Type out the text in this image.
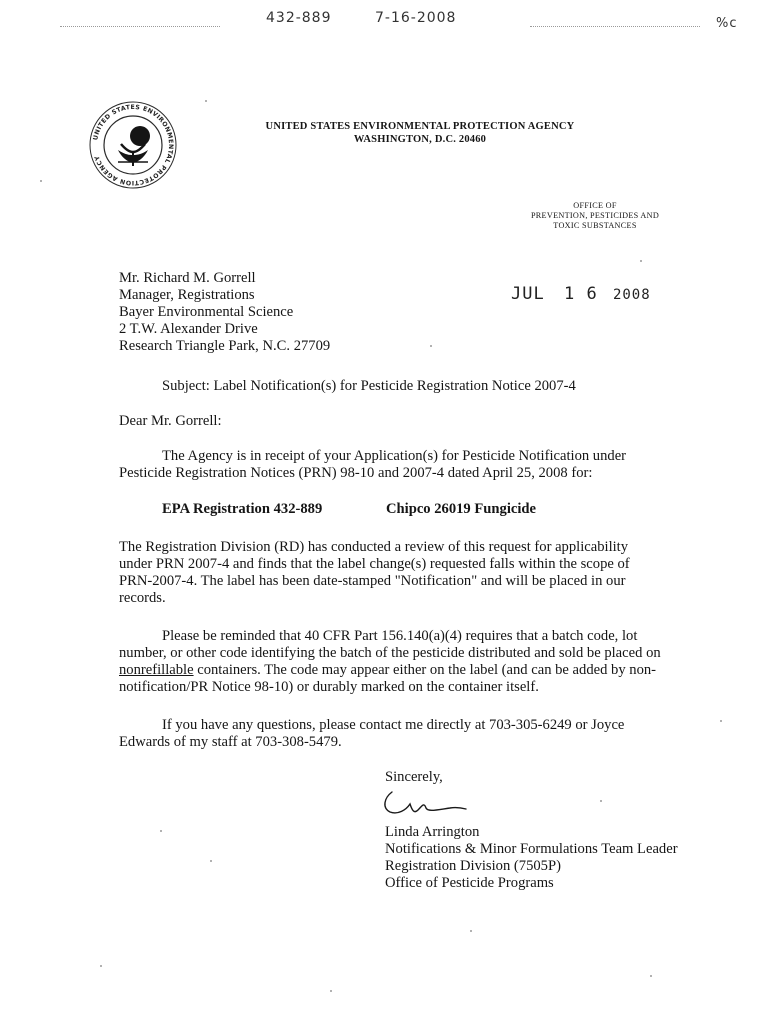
432-889	7-16-2008	%c
UNITED STATES ENVIRONMENTAL PROTECTION AGENCY
UNITED STATES ENVIRONMENTAL PROTECTION AGENCY
WASHINGTON, D.C. 20460
OFFICE OF
PREVENTION, PESTICIDES AND
TOXIC SUBSTANCES
Mr. Richard M. Gorrell
Manager, Registrations
Bayer Environmental Science
2 T.W. Alexander Drive
Research Triangle Park, N.C. 27709
JUL 1 6 2008
Subject: Label Notification(s) for Pesticide Registration Notice 2007-4
Dear Mr. Gorrell:
The Agency is in receipt of your Application(s) for Pesticide Notification under
Pesticide Registration Notices (PRN) 98-10 and 2007-4 dated April 25, 2008 for:
EPA Registration 432-889	Chipco 26019 Fungicide
The Registration Division (RD) has conducted a review of this request for applicability
under PRN 2007-4 and finds that the label change(s) requested falls within the scope of
PRN-2007-4. The label has been date-stamped "Notification" and will be placed in our
records.
Please be reminded that 40 CFR Part 156.140(a)(4) requires that a batch code, lot
number, or other code identifying the batch of the pesticide distributed and sold be placed on
nonrefillable containers. The code may appear either on the label (and can be added by non-
notification/PR Notice 98-10) or durably marked on the container itself.
If you have any questions, please contact me directly at 703-305-6249 or Joyce
Edwards of my staff at 703-308-5479.
Sincerely,
Linda Arrington
Notifications & Minor Formulations Team Leader
Registration Division (7505P)
Office of Pesticide Programs
